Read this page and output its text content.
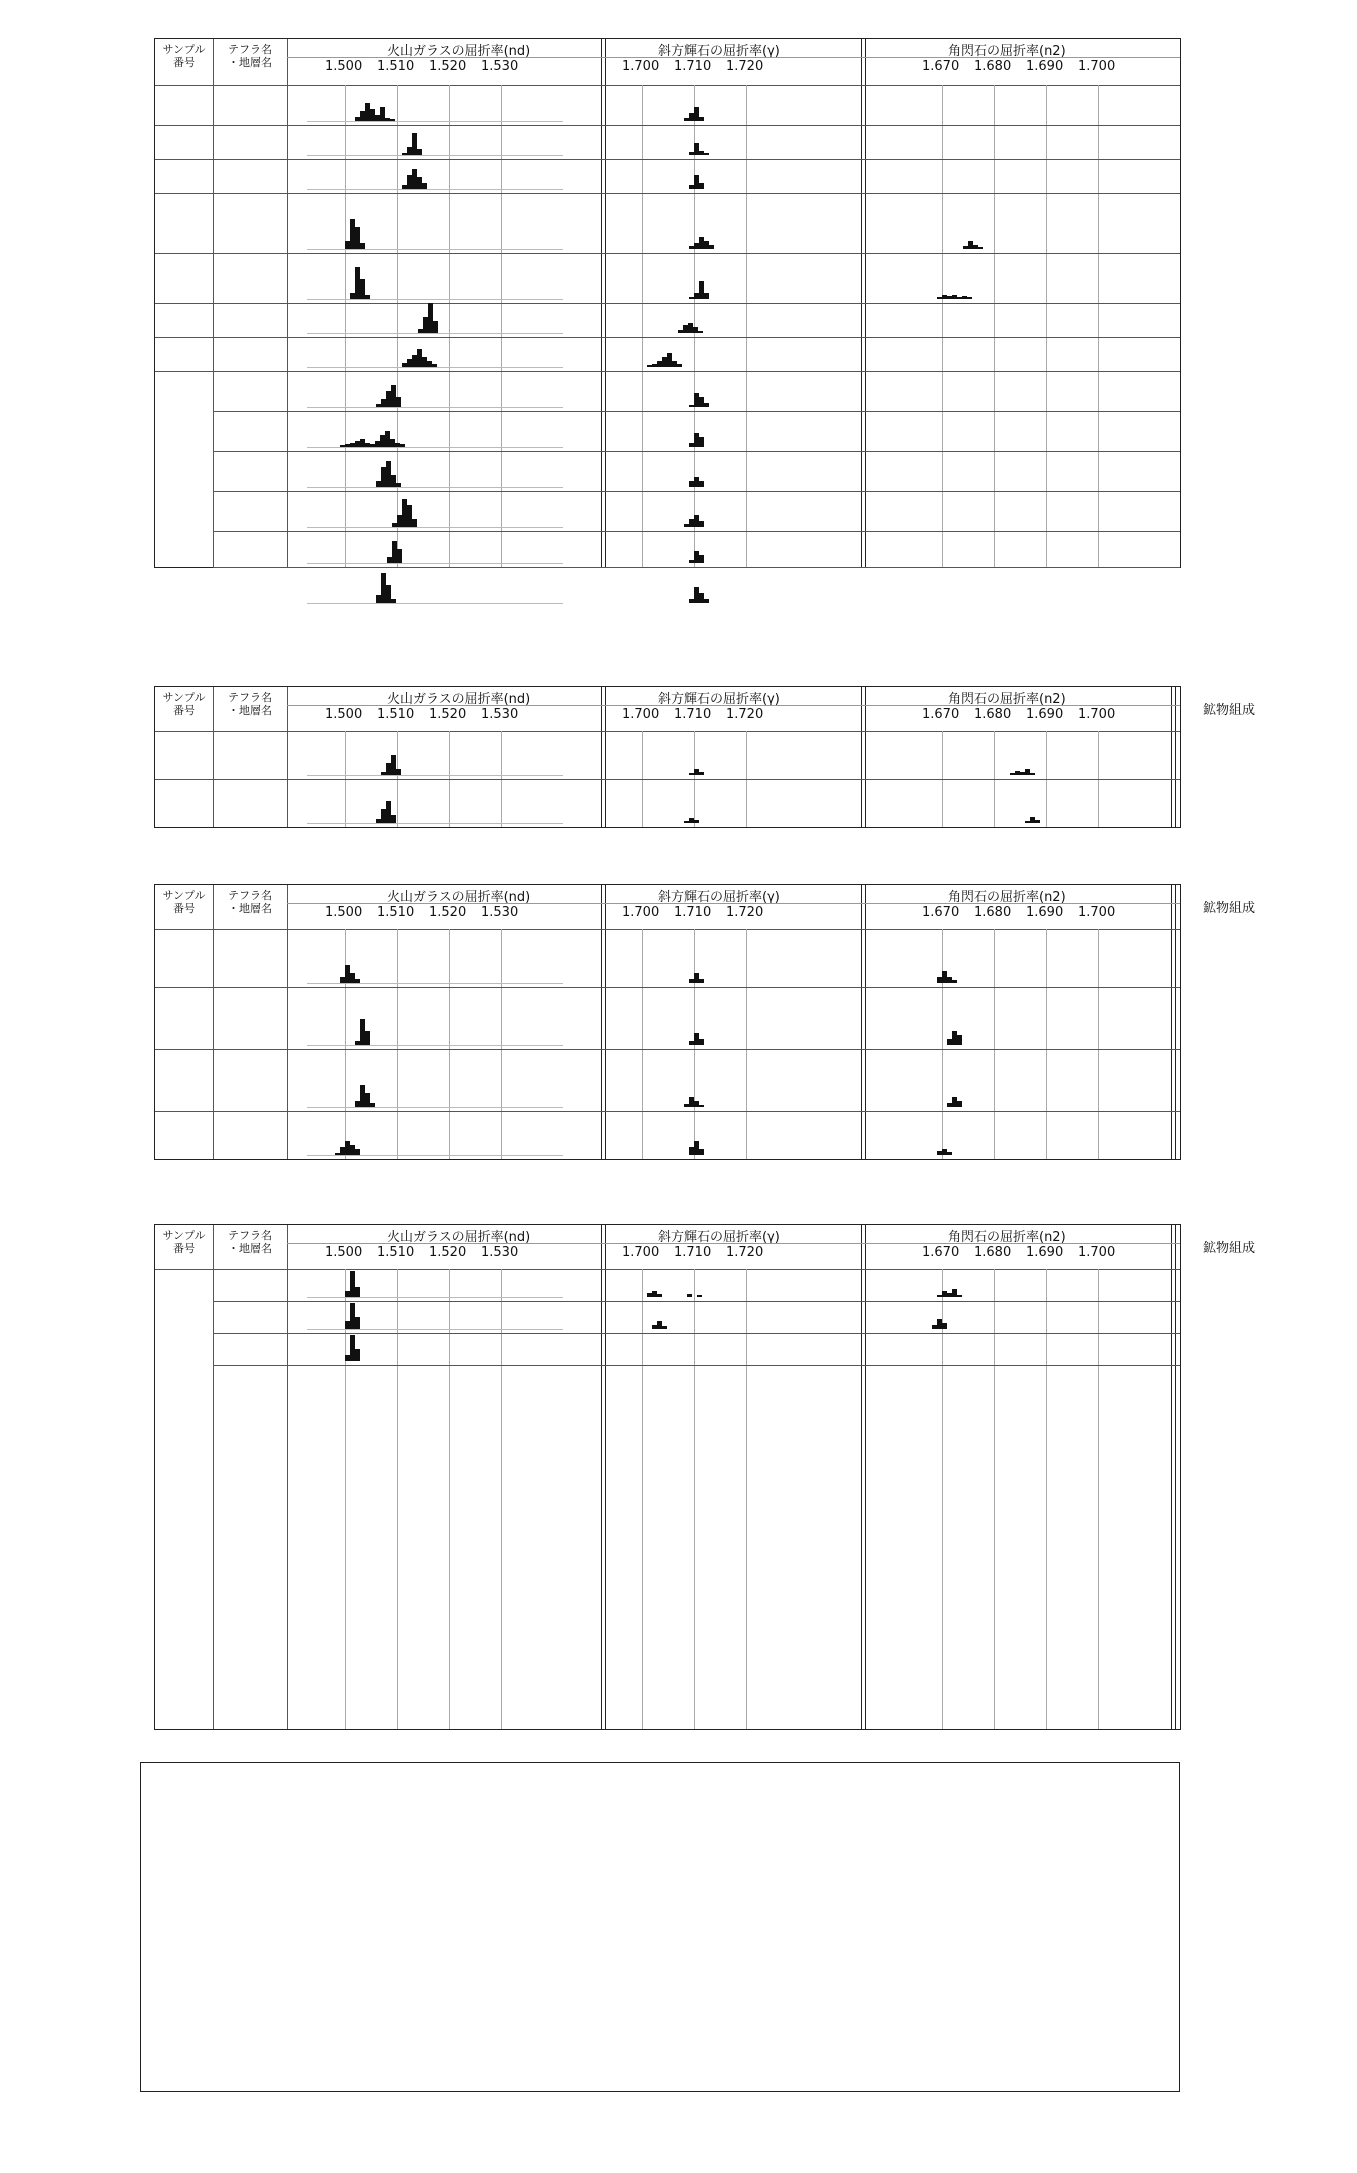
サンプル
番号
テフラ名
・地層名
火山ガラスの屈折率(nd)	斜方輝石の屈折率(γ)	角閃石の屈折率(n2)
1.500 1.510 1.520 1.530	1.700 1.710 1.720	1.670 1.680 1.690 1.700
サンプル
番号
テフラ名
・地層名
火山ガラスの屈折率(nd)	斜方輝石の屈折率(γ)	角閃石の屈折率(n2)
鉱物組成
1.500 1.510 1.520 1.530	1.700 1.710 1.720	1.670 1.680 1.690 1.700
サンプル
番号
テフラ名
・地層名
火山ガラスの屈折率(nd)	斜方輝石の屈折率(γ)	角閃石の屈折率(n2)
鉱物組成
1.500 1.510 1.520 1.530	1.700 1.710 1.720	1.670 1.680 1.690 1.700
サンプル
番号
テフラ名
・地層名
火山ガラスの屈折率(nd)	斜方輝石の屈折率(γ)	角閃石の屈折率(n2)
鉱物組成
1.500 1.510 1.520 1.530	1.700 1.710 1.720	1.670 1.680 1.690 1.700
